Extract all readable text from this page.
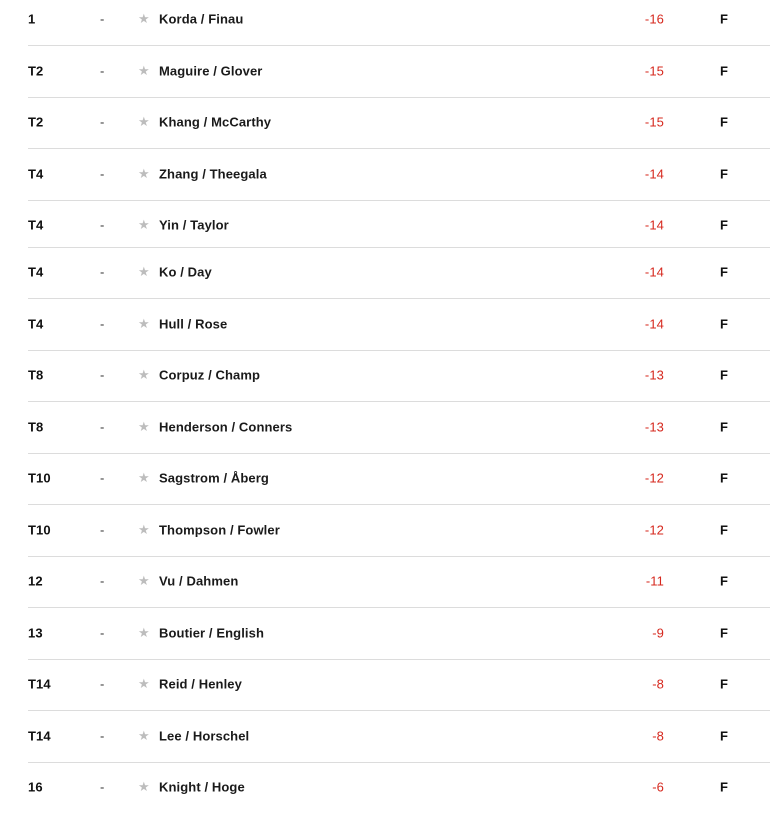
1	-	★ Korda / Finau	-16	F
T2	-	★ Maguire / Glover	-15	F
T2	-	★ Khang / McCarthy	-15	F
T4	-	★ Zhang / Theegala	-14	F
T4	-	★ Yin / Taylor	-14	F
T4	-	★ Ko / Day	-14	F
T4	-	★ Hull / Rose	-14	F
T8	-	★ Corpuz / Champ	-13	F
T8	-	★ Henderson / Conners	-13	F
T10	-	★ Sagstrom / Åberg	-12	F
T10	-	★ Thompson / Fowler	-12	F
12	-	★ Vu / Dahmen	-11	F
13	-	★ Boutier / English	-9	F
T14	-	★ Reid / Henley	-8	F
T14	-	★ Lee / Horschel	-8	F
16	-	★ Knight / Hoge	-6	F
